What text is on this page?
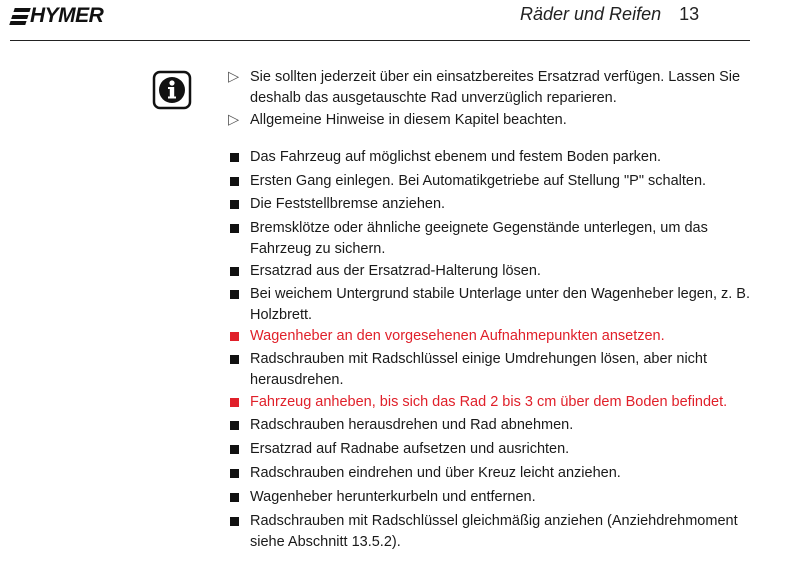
HYMER	Räder und Reifen 13
▷ Sie sollten jederzeit über ein einsatzbereites Ersatzrad verfügen. Lassen Sie deshalb das ausgetauschte Rad unverzüglich reparieren.
▷ Allgemeine Hinweise in diesem Kapitel beachten.
Das Fahrzeug auf möglichst ebenem und festem Boden parken.
Ersten Gang einlegen. Bei Automatikgetriebe auf Stellung "P" schalten.
Die Feststellbremse anziehen.
Bremsklötze oder ähnliche geeignete Gegenstände unterlegen, um das Fahrzeug zu sichern.
Ersatzrad aus der Ersatzrad-Halterung lösen.
Bei weichem Untergrund stabile Unterlage unter den Wagenheber legen, z. B. Holzbrett.
Wagenheber an den vorgesehenen Aufnahmepunkten ansetzen.
Radschrauben mit Radschlüssel einige Umdrehungen lösen, aber nicht herausdrehen.
Fahrzeug anheben, bis sich das Rad 2 bis 3 cm über dem Boden befindet.
Radschrauben herausdrehen und Rad abnehmen.
Ersatzrad auf Radnabe aufsetzen und ausrichten.
Radschrauben eindrehen und über Kreuz leicht anziehen.
Wagenheber herunterkurbeln und entfernen.
Radschrauben mit Radschlüssel gleichmäßig anziehen (Anziehdrehmoment siehe Abschnitt 13.5.2).
